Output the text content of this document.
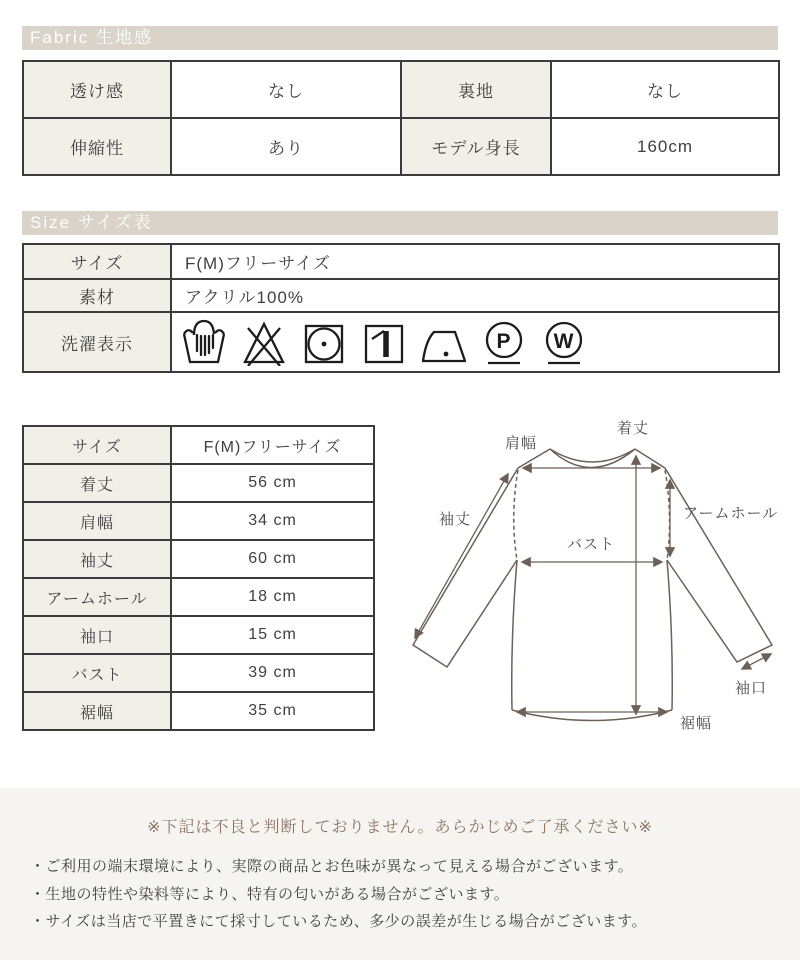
Fabric 生地感
透け感	なし	裏地	なし
伸縮性	あり	モデル身長	160cm
Size サイズ表
サイズ	F(M)フリーサイズ
素材	アクリル100%
洗濯表示	P W
サイズ	F(M)フリーサイズ
着丈	56 cm
肩幅	34 cm
袖丈	60 cm
アームホール	18 cm
袖口	15 cm
バスト	39 cm
裾幅	35 cm
肩幅
着丈
袖丈	アームホール
バスト
袖口
裾幅
※下記は不良と判断しておりません。あらかじめご了承ください※
・ご利用の端末環境により、実際の商品とお色味が異なって見える場合がございます。
・生地の特性や染料等により、特有の匂いがある場合がございます。
・サイズは当店で平置きにて採寸しているため、多少の誤差が生じる場合がございます。
